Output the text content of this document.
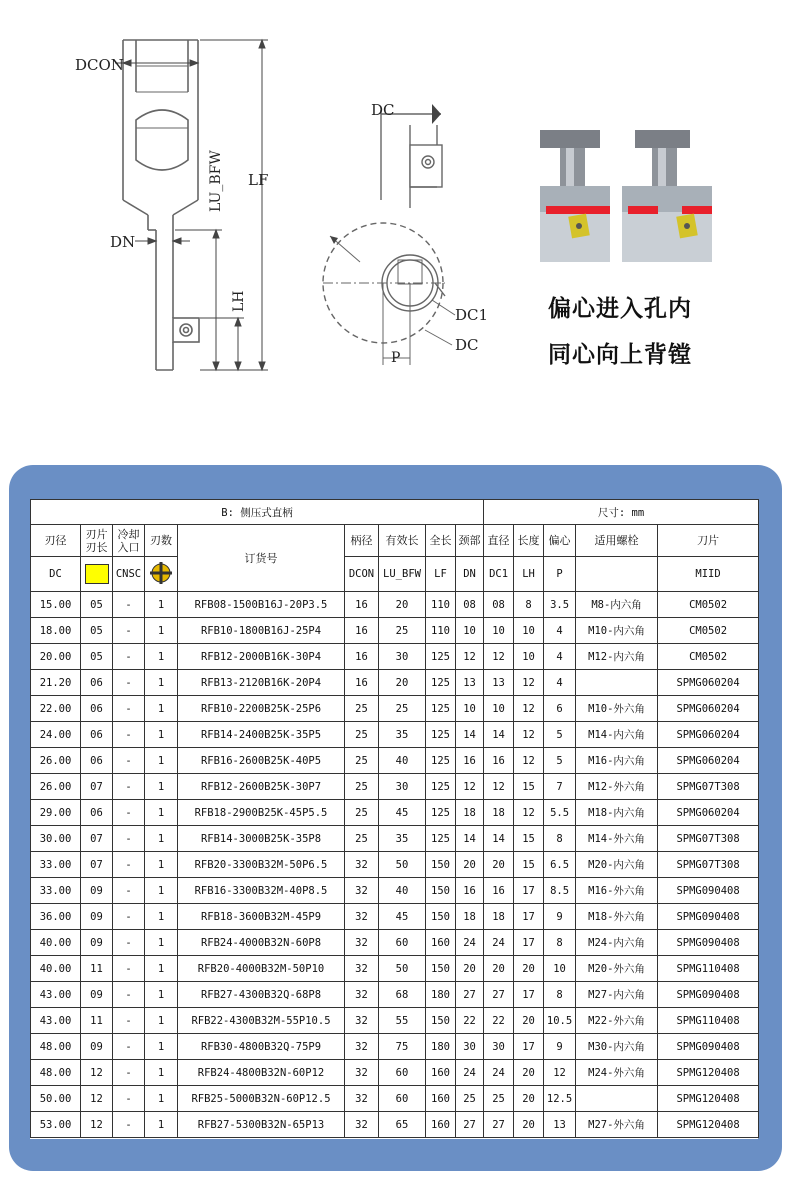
DCON
LF
LU_BFW
DN
LH
DC
DC1
DC
P
偏心进入孔内
同心向上背镗
B: 侧压式直柄									尺寸: mm				
刃径	刃片刃长	冷却入口	刃数	订货号	柄径	有效长	全长	颈部	直径	长度	偏心	适用螺栓	刀片
DC		CNSC			DCON	LU_BFW	LF	DN	DC1	LH	P		MIID
15.00	05	-	1	RFB08-1500B16J-20P3.5	16	20	110	08	08	8	3.5	M8-内六角	CM0502
18.00	05	-	1	RFB10-1800B16J-25P4	16	25	110	10	10	10	4	M10-内六角	CM0502
20.00	05	-	1	RFB12-2000B16K-30P4	16	30	125	12	12	10	4	M12-内六角	CM0502
21.20	06	-	1	RFB13-2120B16K-20P4	16	20	125	13	13	12	4		SPMG060204
22.00	06	-	1	RFB10-2200B25K-25P6	25	25	125	10	10	12	6	M10-外六角	SPMG060204
24.00	06	-	1	RFB14-2400B25K-35P5	25	35	125	14	14	12	5	M14-内六角	SPMG060204
26.00	06	-	1	RFB16-2600B25K-40P5	25	40	125	16	16	12	5	M16-内六角	SPMG060204
26.00	07	-	1	RFB12-2600B25K-30P7	25	30	125	12	12	15	7	M12-外六角	SPMG07T308
29.00	06	-	1	RFB18-2900B25K-45P5.5	25	45	125	18	18	12	5.5	M18-内六角	SPMG060204
30.00	07	-	1	RFB14-3000B25K-35P8	25	35	125	14	14	15	8	M14-外六角	SPMG07T308
33.00	07	-	1	RFB20-3300B32M-50P6.5	32	50	150	20	20	15	6.5	M20-内六角	SPMG07T308
33.00	09	-	1	RFB16-3300B32M-40P8.5	32	40	150	16	16	17	8.5	M16-外六角	SPMG090408
36.00	09	-	1	RFB18-3600B32M-45P9	32	45	150	18	18	17	9	M18-外六角	SPMG090408
40.00	09	-	1	RFB24-4000B32N-60P8	32	60	160	24	24	17	8	M24-内六角	SPMG090408
40.00	11	-	1	RFB20-4000B32M-50P10	32	50	150	20	20	20	10	M20-外六角	SPMG110408
43.00	09	-	1	RFB27-4300B32Q-68P8	32	68	180	27	27	17	8	M27-内六角	SPMG090408
43.00	11	-	1	RFB22-4300B32M-55P10.5	32	55	150	22	22	20	10.5	M22-外六角	SPMG110408
48.00	09	-	1	RFB30-4800B32Q-75P9	32	75	180	30	30	17	9	M30-内六角	SPMG090408
48.00	12	-	1	RFB24-4800B32N-60P12	32	60	160	24	24	20	12	M24-外六角	SPMG120408
50.00	12	-	1	RFB25-5000B32N-60P12.5	32	60	160	25	25	20	12.5		SPMG120408
53.00	12	-	1	RFB27-5300B32N-65P13	32	65	160	27	27	20	13	M27-外六角	SPMG120408
